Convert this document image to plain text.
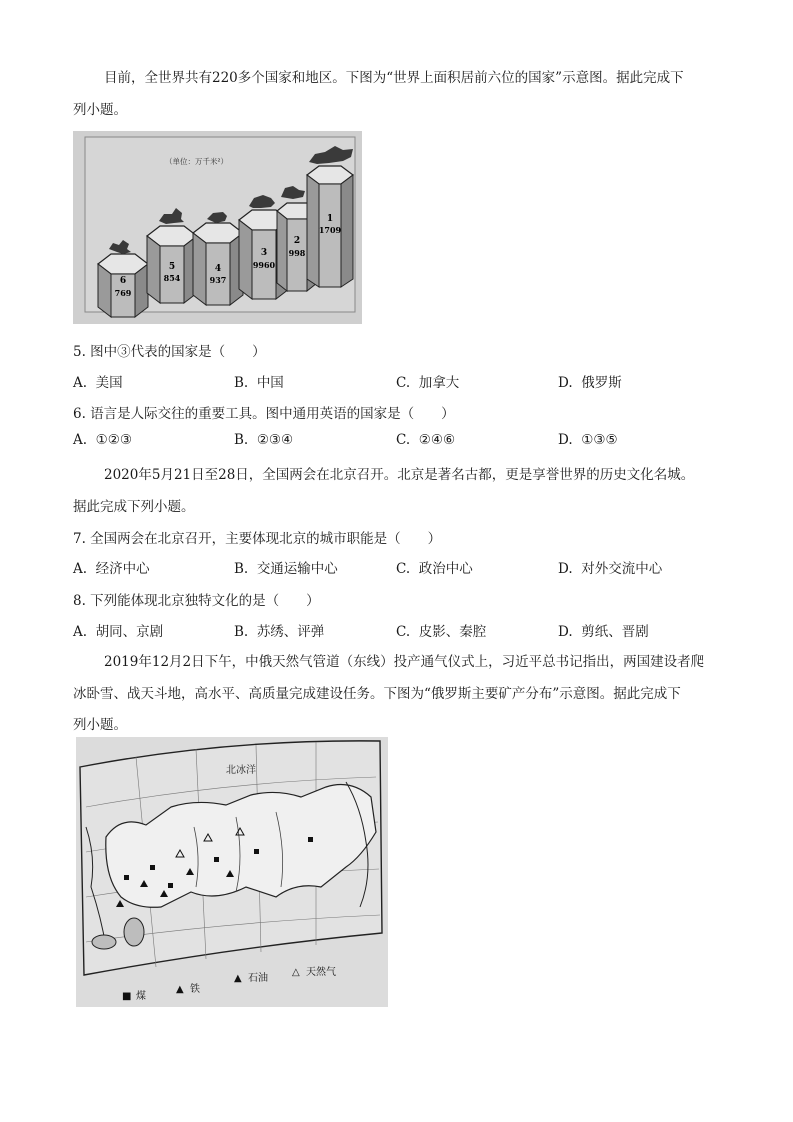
目前，全世界共有220多个国家和地区。下图为“世界上面积居前六位的国家”示意图。据此完成下
列小题。
（单位：万千米²）
6
769
5
854
4
937
3
9960
2
998
1
1709
5. 图中③代表的国家是（　　）
A. 美国	B. 中国	C. 加拿大	D. 俄罗斯
6. 语言是人际交往的重要工具。图中通用英语的国家是（　　）
A. ①②③	B. ②③④	C. ②④⑥	D. ①③⑤
2020年5月21日至28日，全国两会在北京召开。北京是著名古都，更是享誉世界的历史文化名城。
据此完成下列小题。
7. 全国两会在北京召开，主要体现北京的城市职能是（　　）
A. 经济中心	B. 交通运输中心	C. 政治中心	D. 对外交流中心
8. 下列能体现北京独特文化的是（　　）
A. 胡同、京剧	B. 苏绣、评弹	C. 皮影、秦腔	D. 剪纸、晋剧
2019年12月2日下午，中俄天然气管道（东线）投产通气仪式上，习近平总书记指出，两国建设者爬
冰卧雪、战天斗地，高水平、高质量完成建设任务。下图为“俄罗斯主要矿产分布”示意图。据此完成下
列小题。
北冰洋
■ 煤
▲ 铁
▲ 石油
△ 天然气
